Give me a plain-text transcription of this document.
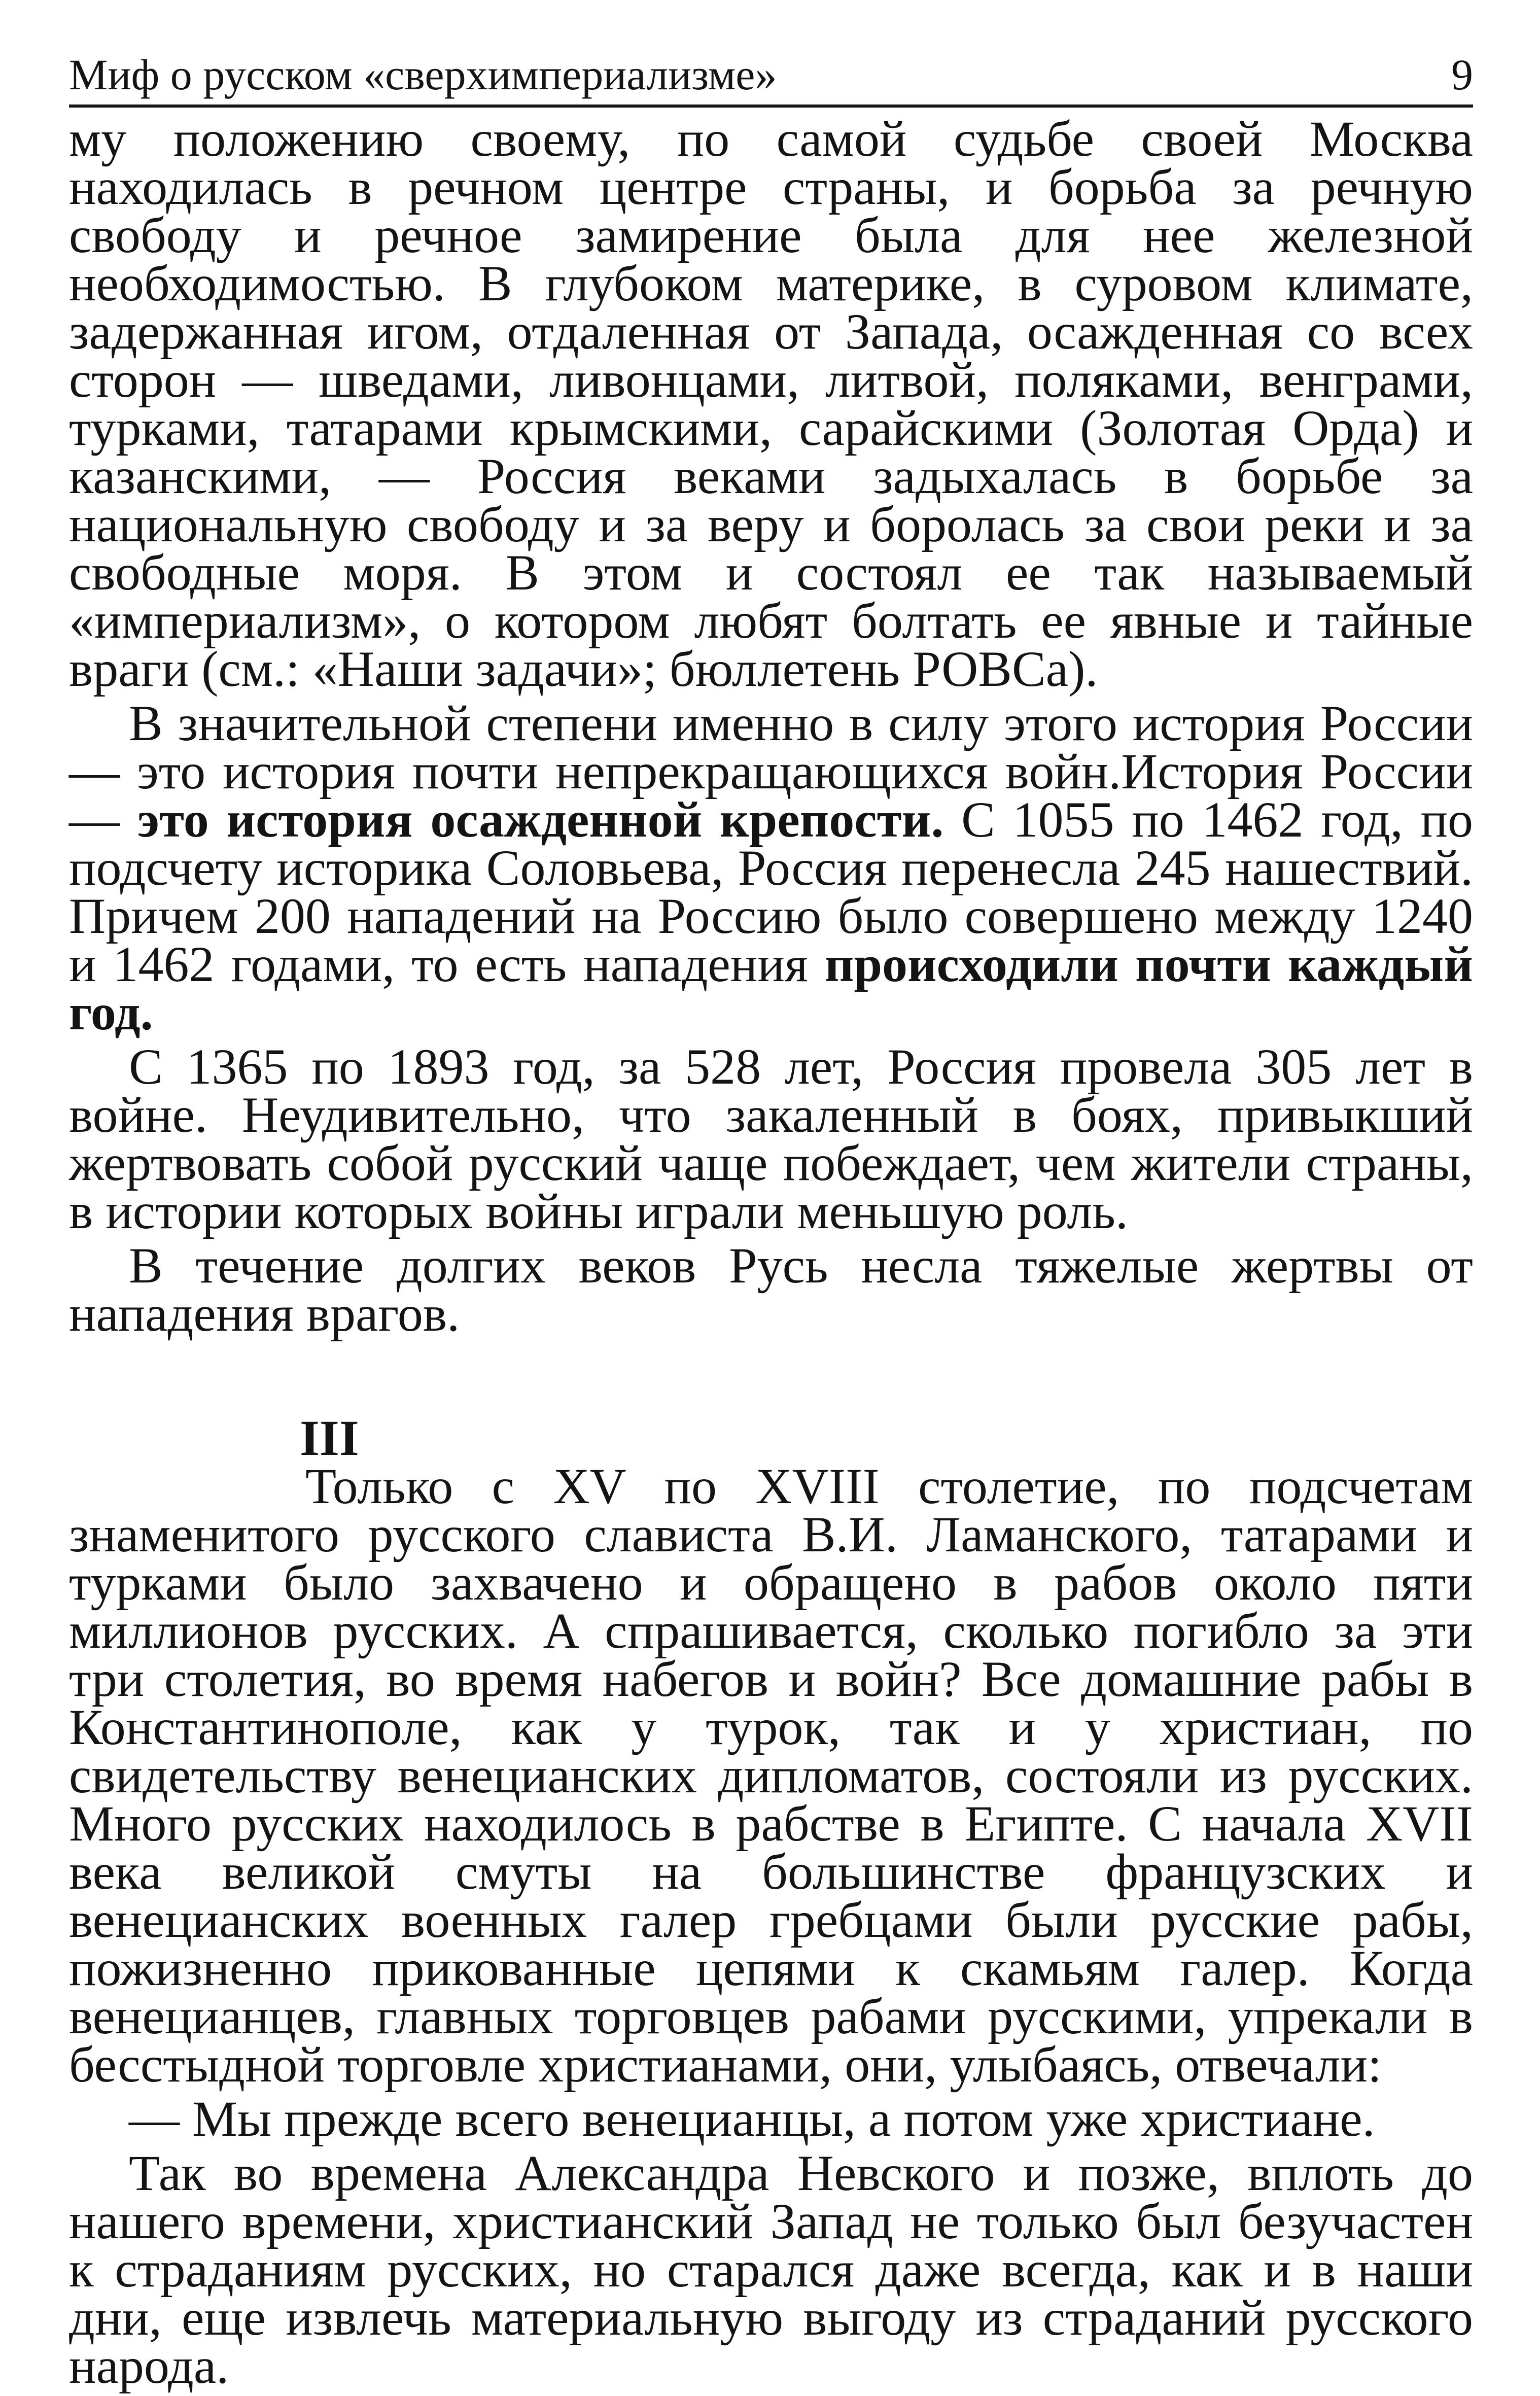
Миф о русском «сверхимпериализме»	9

му положению своему, по самой судьбе своей Москва находилась в речном центре страны, и борьба за речную свободу и речное замирение была для нее железной необходимостью. В глубоком материке, в суровом климате, задержанная игом, отдаленная от Запада, осажденная со всех сторон — шведами, ливонцами, литвой, поляками, венграми, турками, татарами крымскими, сарайскими (Золотая Орда) и казанскими, — Россия веками задыхалась в борьбе за национальную свободу и за веру и боролась за свои реки и за свободные моря. В этом и состоял ее так называемый «империализм», о котором любят болтать ее явные и тайные враги (см.: «Наши задачи»; бюллетень РОВСа).

В значительной степени именно в силу этого история России — это история почти непрекращающихся войн.История России — это история осажденной крепости. С 1055 по 1462 год, по подсчету историка Соловьева, Россия перенесла 245 нашествий. Причем 200 нападений на Россию было совершено между 1240 и 1462 годами, то есть нападения происходили почти каждый год.

С 1365 по 1893 год, за 528 лет, Россия провела 305 лет в войне. Неудивительно, что закаленный в боях, привыкший жертвовать собой русский чаще побеждает, чем жители страны, в истории которых войны играли меньшую роль.

В течение долгих веков Русь несла тяжелые жертвы от нападения врагов.

III

Только с XV по XVIII столетие, по подсчетам знаменитого русского слависта В.И. Ламанского, татарами и турками было захвачено и обращено в рабов около пяти миллионов русских. А спрашивается, сколько погибло за эти три столетия, во время набегов и войн? Все домашние рабы в Константинополе, как у турок, так и у христиан, по свидетельству венецианских дипломатов, состояли из русских. Много русских находилось в рабстве в Египте. С начала XVII века великой смуты на большинстве французских и венецианских военных галер гребцами были русские рабы, пожизненно прикованные цепями к скамьям галер. Когда венецианцев, главных торговцев рабами русскими, упрекали в бесстыдной торговле христианами, они, улыбаясь, отвечали:

— Мы прежде всего венецианцы, а потом уже христиане.

Так во времена Александра Невского и позже, вплоть до нашего времени, христианский Запад не только был безучастен к страданиям русских, но старался даже всегда, как и в наши дни, еще извлечь материальную выгоду из страданий русского народа.
